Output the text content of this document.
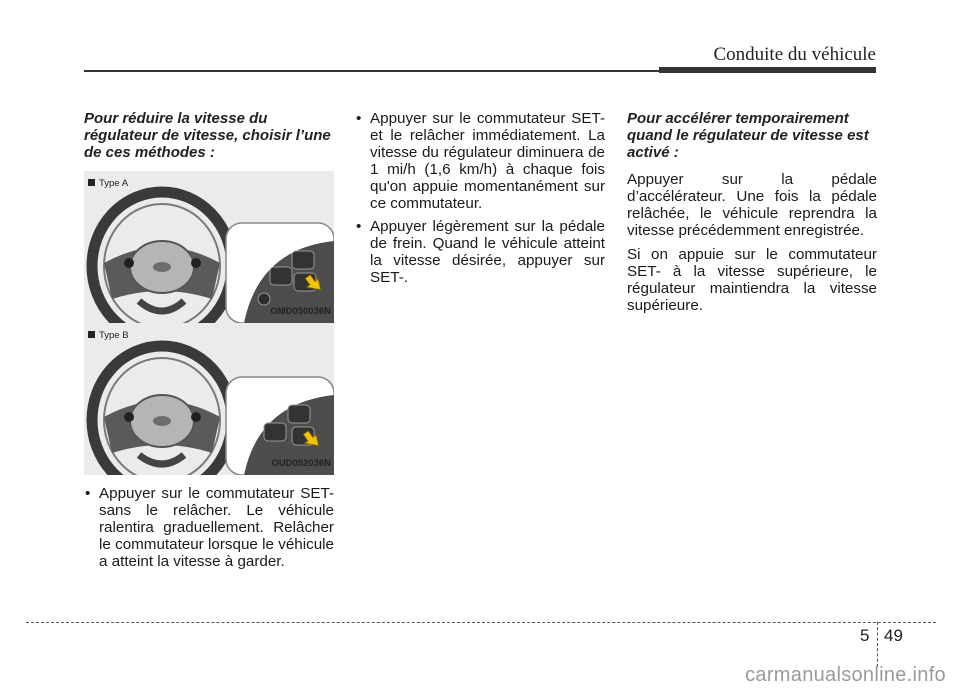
Conduite du véhicule
Pour réduire la vitesse du régulateur de vitesse, choisir l’une de ces méthodes :
Type A
OMD050036N
Type B
OUD052036N
• Appuyer sur le commutateur SET- sans le relâcher. Le véhicule ralentira graduellement. Relâcher le commutateur lorsque le véhicule a atteint la vitesse à garder.
• Appuyer sur le commutateur SET- et le relâcher immédiatement. La vitesse du régulateur diminuera de 1 mi/h (1,6 km/h) à chaque fois qu'on appuie momentanément sur ce commutateur.
• Appuyer légèrement sur la pédale de frein. Quand le véhicule atteint la vitesse désirée, appuyer sur SET-.
Pour accélérer temporairement quand le régulateur de vitesse est activé :

Appuyer sur la pédale d’accélérateur. Une fois la pédale relâchée, le véhicule reprendra la vitesse précédemment enregistrée.

Si on appuie sur le commutateur SET- à la vitesse supérieure, le régulateur maintiendra la vitesse supérieure.

5 49
carmanualsonline.info
